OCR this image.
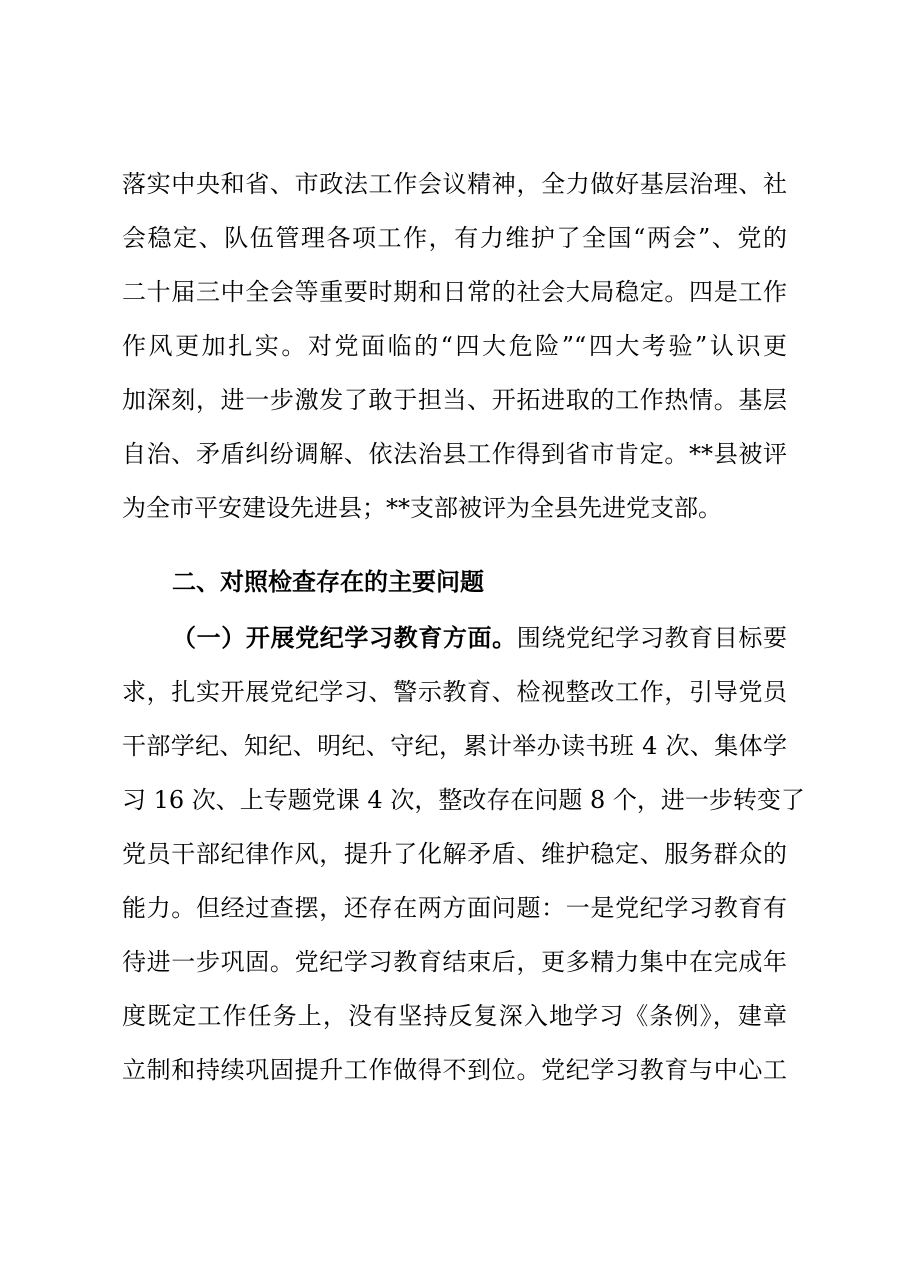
落实中央和省、市政法工作会议精神，全力做好基层治理、社
会稳定、队伍管理各项工作，有力维护了全国“两会”、党的
二十届三中全会等重要时期和日常的社会大局稳定。四是工作
作风更加扎实。对党面临的“四大危险”“四大考验”认识更
加深刻，进一步激发了敢于担当、开拓进取的工作热情。基层
自治、矛盾纠纷调解、依法治县工作得到省市肯定。**县被评
为全市平安建设先进县；**支部被评为全县先进党支部。
二、对照检查存在的主要问题
（一）开展党纪学习教育方面。围绕党纪学习教育目标要
求，扎实开展党纪学习、警示教育、检视整改工作，引导党员
干部学纪、知纪、明纪、守纪，累计举办读书班 4 次、集体学
习 16 次、上专题党课 4 次，整改存在问题 8 个，进一步转变了
党员干部纪律作风，提升了化解矛盾、维护稳定、服务群众的
能力。但经过查摆，还存在两方面问题：一是党纪学习教育有
待进一步巩固。党纪学习教育结束后，更多精力集中在完成年
度既定工作任务上，没有坚持反复深入地学习《条例》，建章
立制和持续巩固提升工作做得不到位。党纪学习教育与中心工
